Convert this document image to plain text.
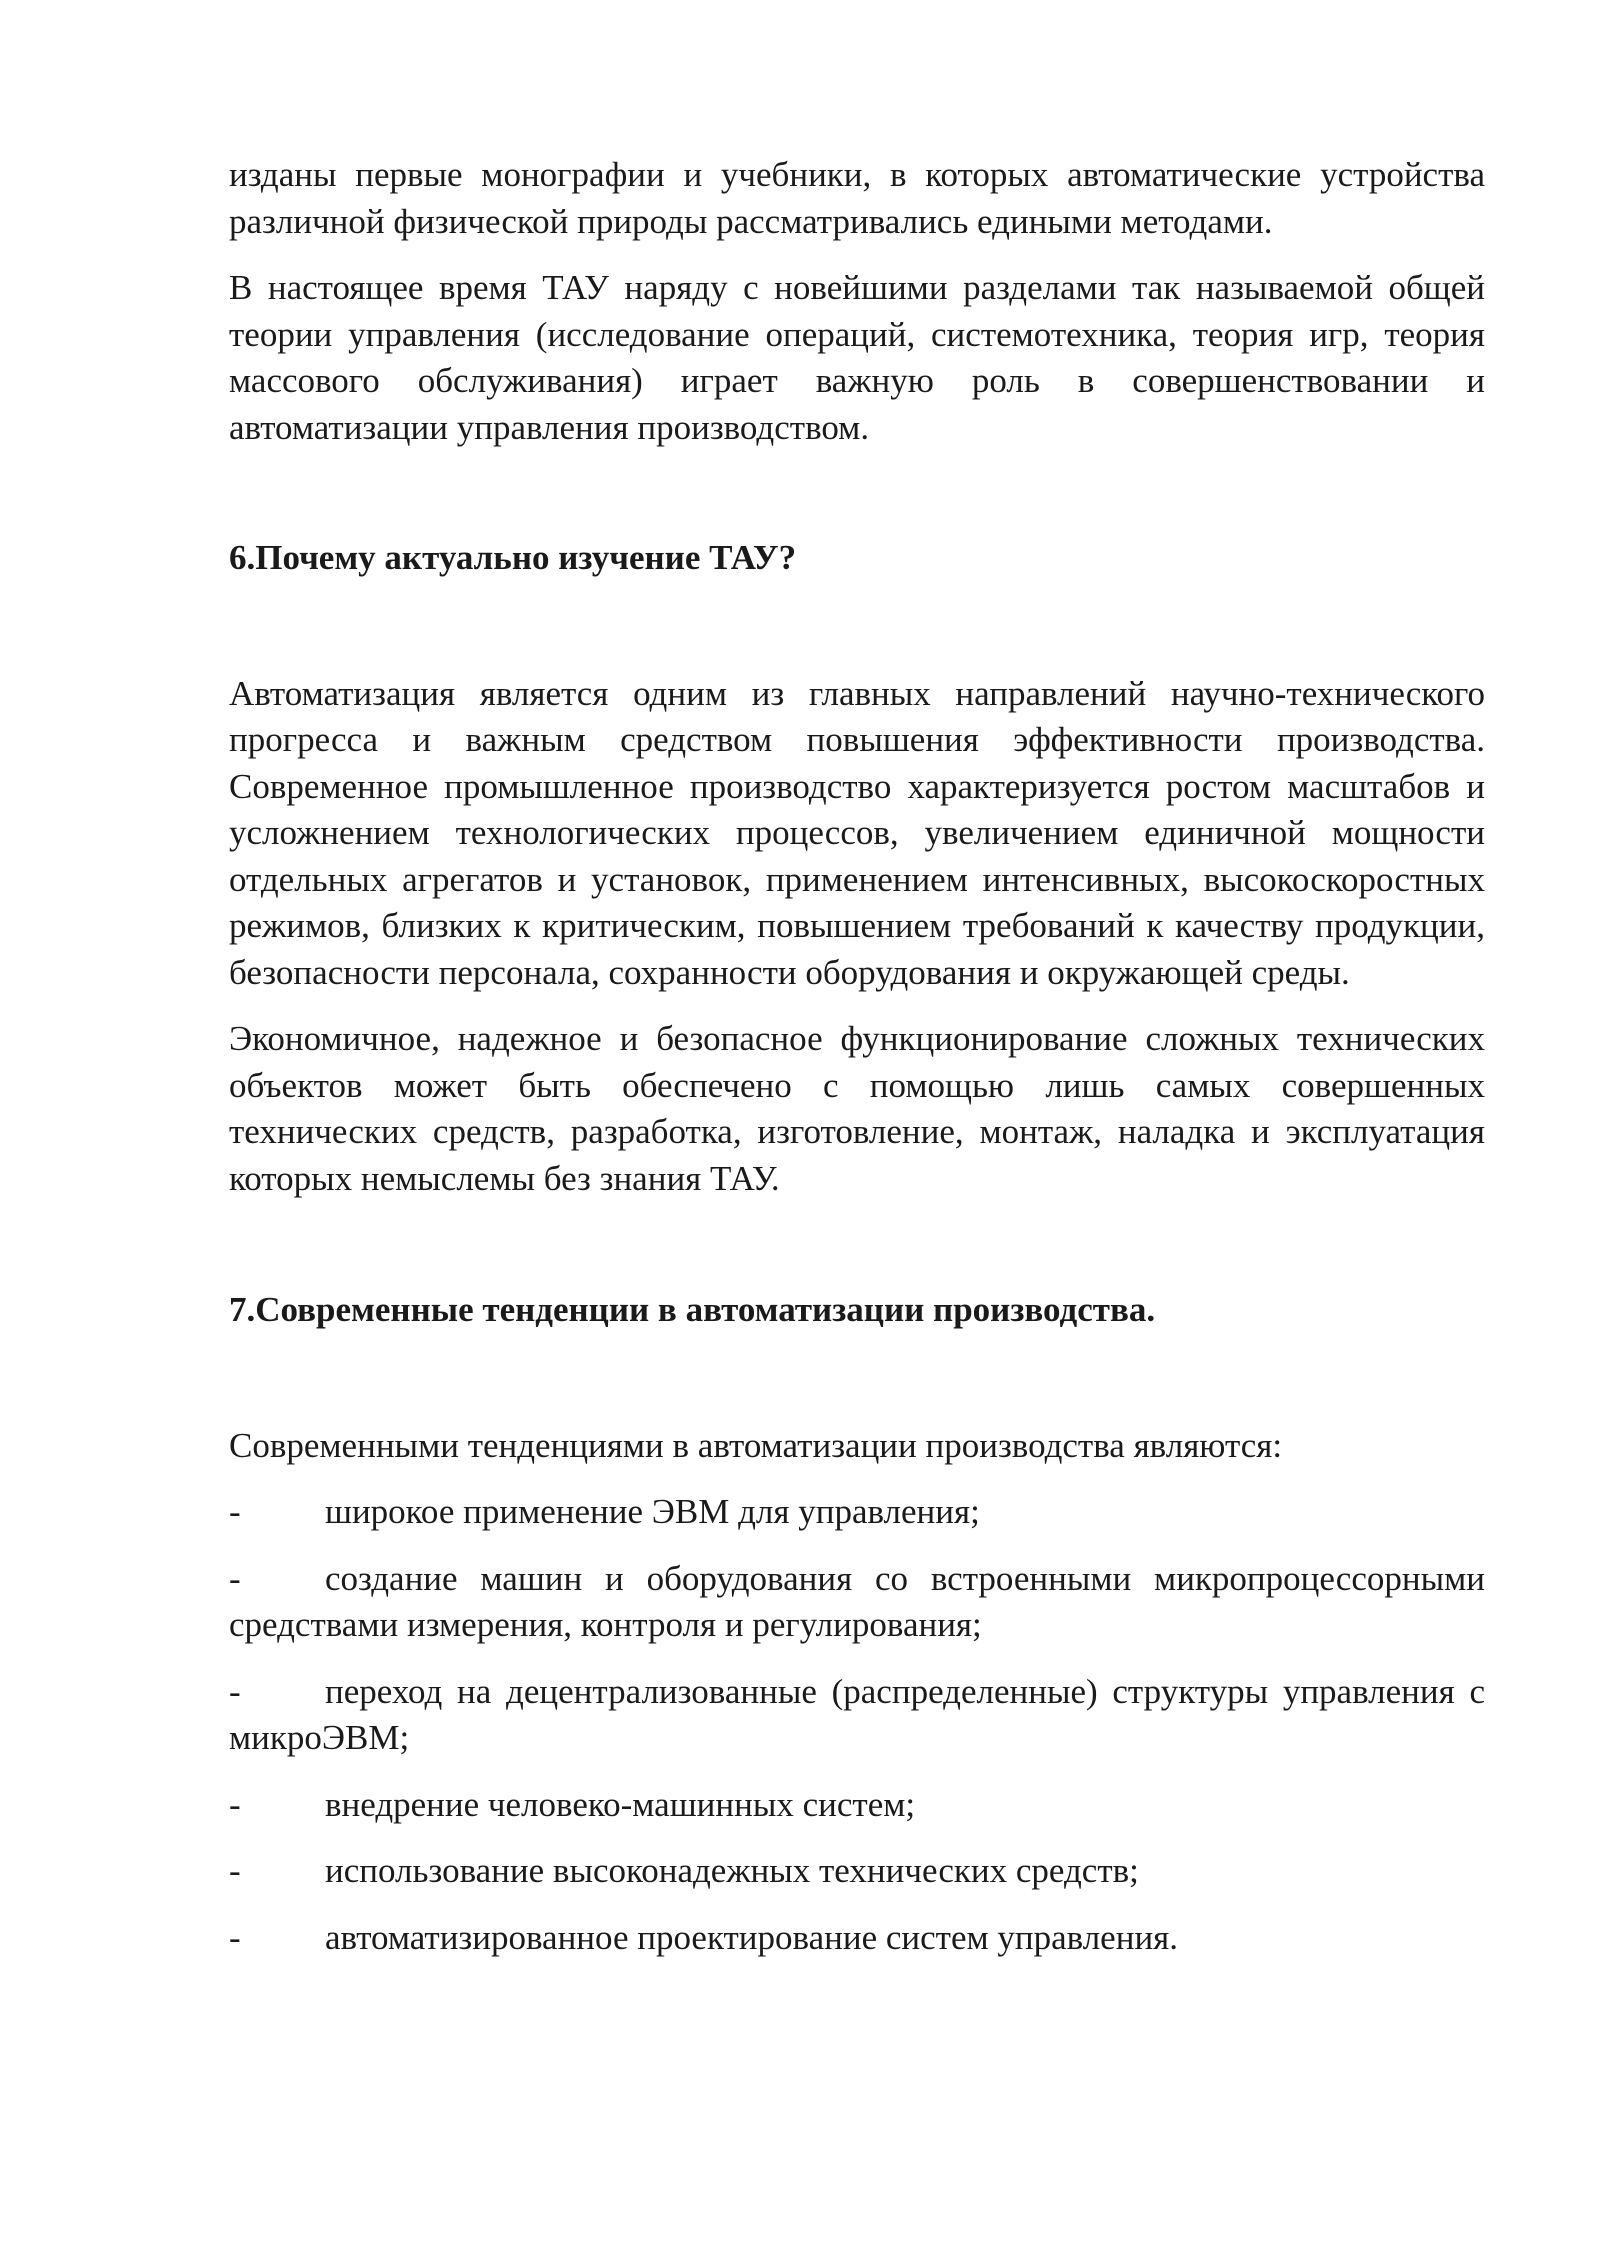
изданы первые монографии и учебники, в которых автоматические устройства различной физической природы рассматривались едиными методами.

В настоящее время ТАУ наряду с новейшими разделами так называемой общей теории управления (исследование операций, системотехника, теория игр, теория массового обслуживания) играет важную роль в совершенствовании и автоматизации управления производством.

6.Почему актуально изучение ТАУ?

Автоматизация является одним из главных направлений научно-технического прогресса и важным средством повышения эффективности производства. Современное промышленное производство характеризуется ростом масштабов и усложнением технологических процессов, увеличением единичной мощности отдельных агрегатов и установок, применением интенсивных, высокоскоростных режимов, близких к критическим, повышением требований к качеству продукции, безопасности персонала, сохранности оборудования и окружающей среды.

Экономичное, надежное и безопасное функционирование сложных технических объектов может быть обеспечено с помощью лишь самых совершенных технических средств, разработка, изготовление, монтаж, наладка и эксплуатация которых немыслемы без знания ТАУ.

7.Современные тенденции в автоматизации производства.

Современными тенденциями в автоматизации производства являются:

- широкое применение ЭВМ для управления;

- создание машин и оборудования со встроенными микропроцессорными средствами измерения, контроля и регулирования;

- переход на децентрализованные (распределенные) структуры управления с микроЭВМ;

- внедрение человеко-машинных систем;

- использование высоконадежных технических средств;

- автоматизированное проектирование систем управления.
